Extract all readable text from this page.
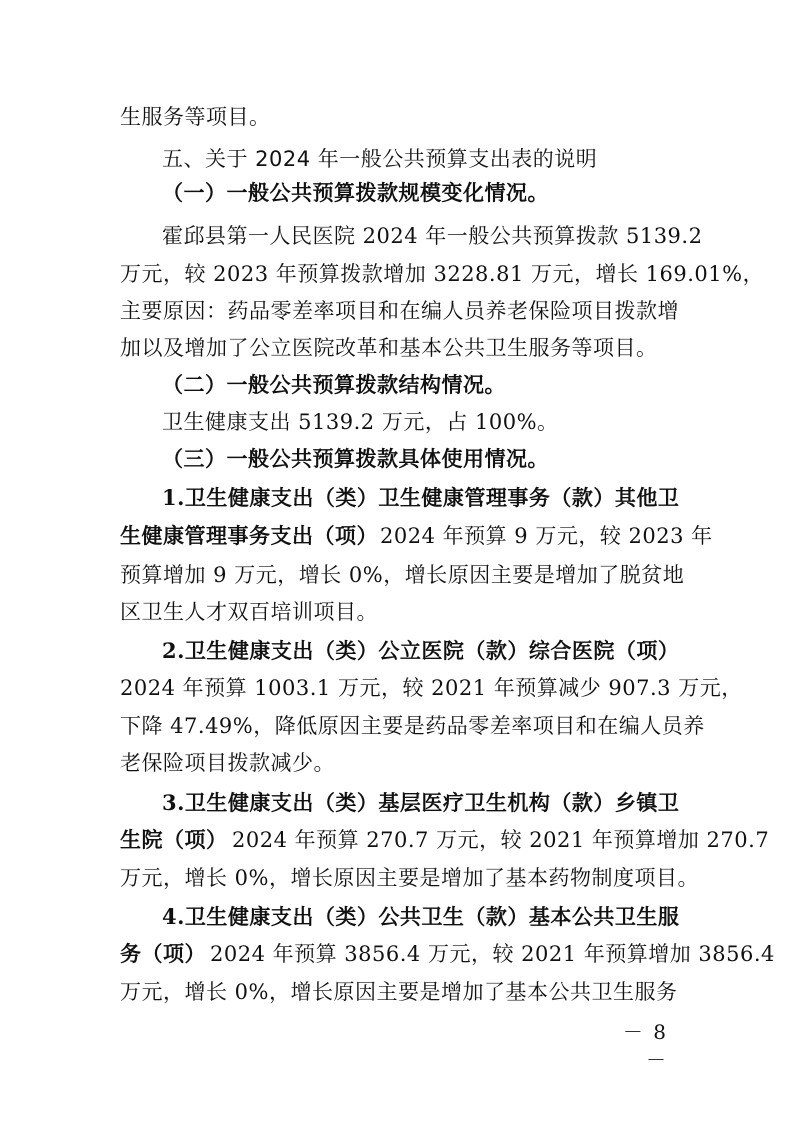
生服务等项目。
五、关于 2024 年一般公共预算支出表的说明
（一）一般公共预算拨款规模变化情况。
霍邱县第一人民医院 2024 年一般公共预算拨款 5139.2
万元，较 2023 年预算拨款增加 3228.81 万元，增长 169.01%，
主要原因：药品零差率项目和在编人员养老保险项目拨款增
加以及增加了公立医院改革和基本公共卫生服务等项目。
（二）一般公共预算拨款结构情况。
卫生健康支出 5139.2 万元，占 100%。
（三）一般公共预算拨款具体使用情况。
1.卫生健康支出（类）卫生健康管理事务（款）其他卫
生健康管理事务支出（项） 2024 年预算 9 万元，较 2023 年
预算增加 9 万元，增长 0%，增长原因主要是增加了脱贫地
区卫生人才双百培训项目。
2.卫生健康支出（类）公立医院（款）综合医院（项）
2024 年预算 1003.1 万元，较 2021 年预算减少 907.3 万元，
下降 47.49%，降低原因主要是药品零差率项目和在编人员养
老保险项目拨款减少。
3.卫生健康支出（类）基层医疗卫生机构（款）乡镇卫
生院（项） 2024 年预算 270.7 万元，较 2021 年预算增加 270.7
万元，增长 0%，增长原因主要是增加了基本药物制度项目。
4.卫生健康支出（类）公共卫生（款）基本公共卫生服
务（项） 2024 年预算 3856.4 万元，较 2021 年预算增加 3856.4
万元，增长 0%，增长原因主要是增加了基本公共卫生服务
－ 8 －
